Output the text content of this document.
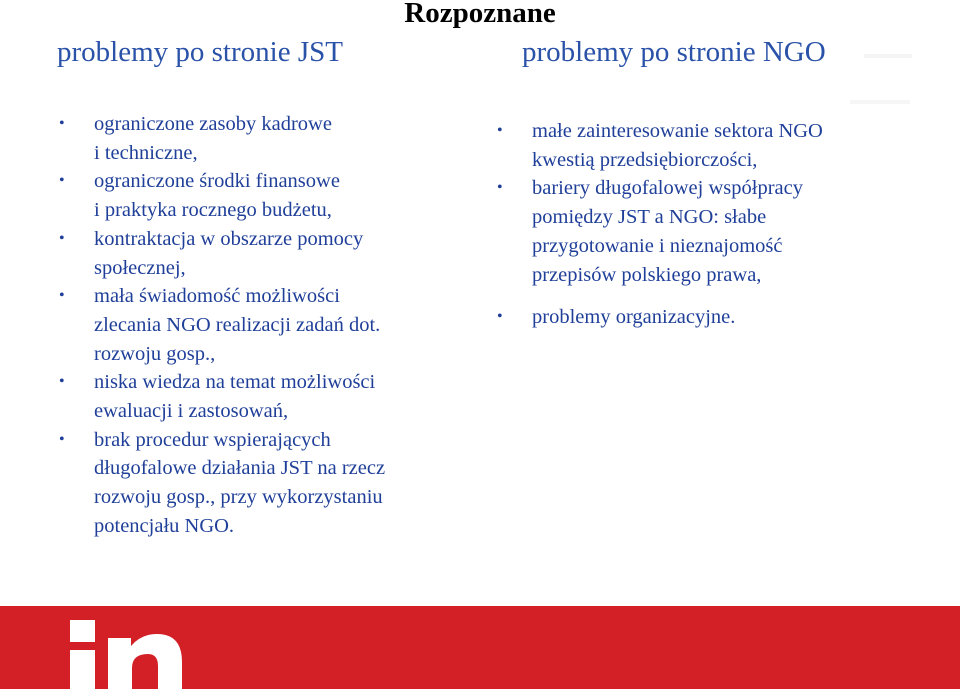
Rozpoznane
problemy po stronie JST	problemy po stronie NGO
• ograniczone zasoby kadrowe
i techniczne,
• ograniczone środki finansowe
i praktyka rocznego budżetu,
• kontraktacja w obszarze pomocy
społecznej,
• mała świadomość możliwości
zlecania NGO realizacji zadań dot.
rozwoju gosp.,
• niska wiedza na temat możliwości
ewaluacji i zastosowań,
• brak procedur wspierających
długofalowe działania JST na rzecz
rozwoju gosp., przy wykorzystaniu
potencjału NGO.
• małe zainteresowanie sektora NGO
kwestią przedsiębiorczości,
• bariery długofalowej współpracy
pomiędzy JST a NGO: słabe
przygotowanie i nieznajomość
przepisów polskiego prawa,
• problemy organizacyjne.
